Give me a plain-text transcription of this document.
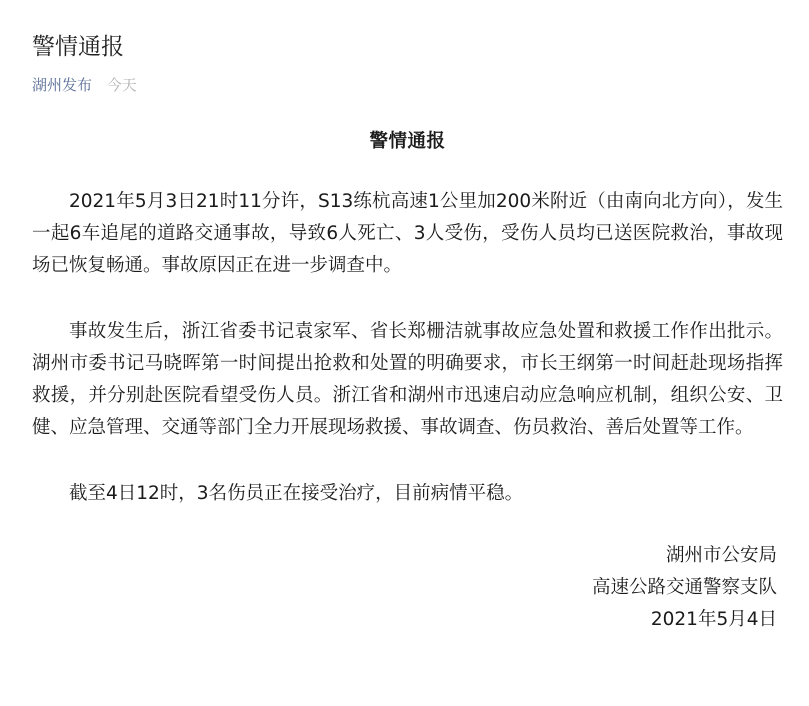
警情通报
湖州发布 今天
警情通报

2021年5月3日21时11分许，S13练杭高速1公里加200米附近（由南向北方向），发生一起6车追尾的道路交通事故，导致6人死亡、3人受伤，受伤人员均已送医院救治，事故现场已恢复畅通。事故原因正在进一步调查中。

事故发生后，浙江省委书记袁家军、省长郑栅洁就事故应急处置和救援工作作出批示。湖州市委书记马晓晖第一时间提出抢救和处置的明确要求，市长王纲第一时间赶赴现场指挥救援，并分别赴医院看望受伤人员。浙江省和湖州市迅速启动应急响应机制，组织公安、卫健、应急管理、交通等部门全力开展现场救援、事故调查、伤员救治、善后处置等工作。

截至4日12时，3名伤员正在接受治疗，目前病情平稳。

湖州市公安局
高速公路交通警察支队
2021年5月4日
